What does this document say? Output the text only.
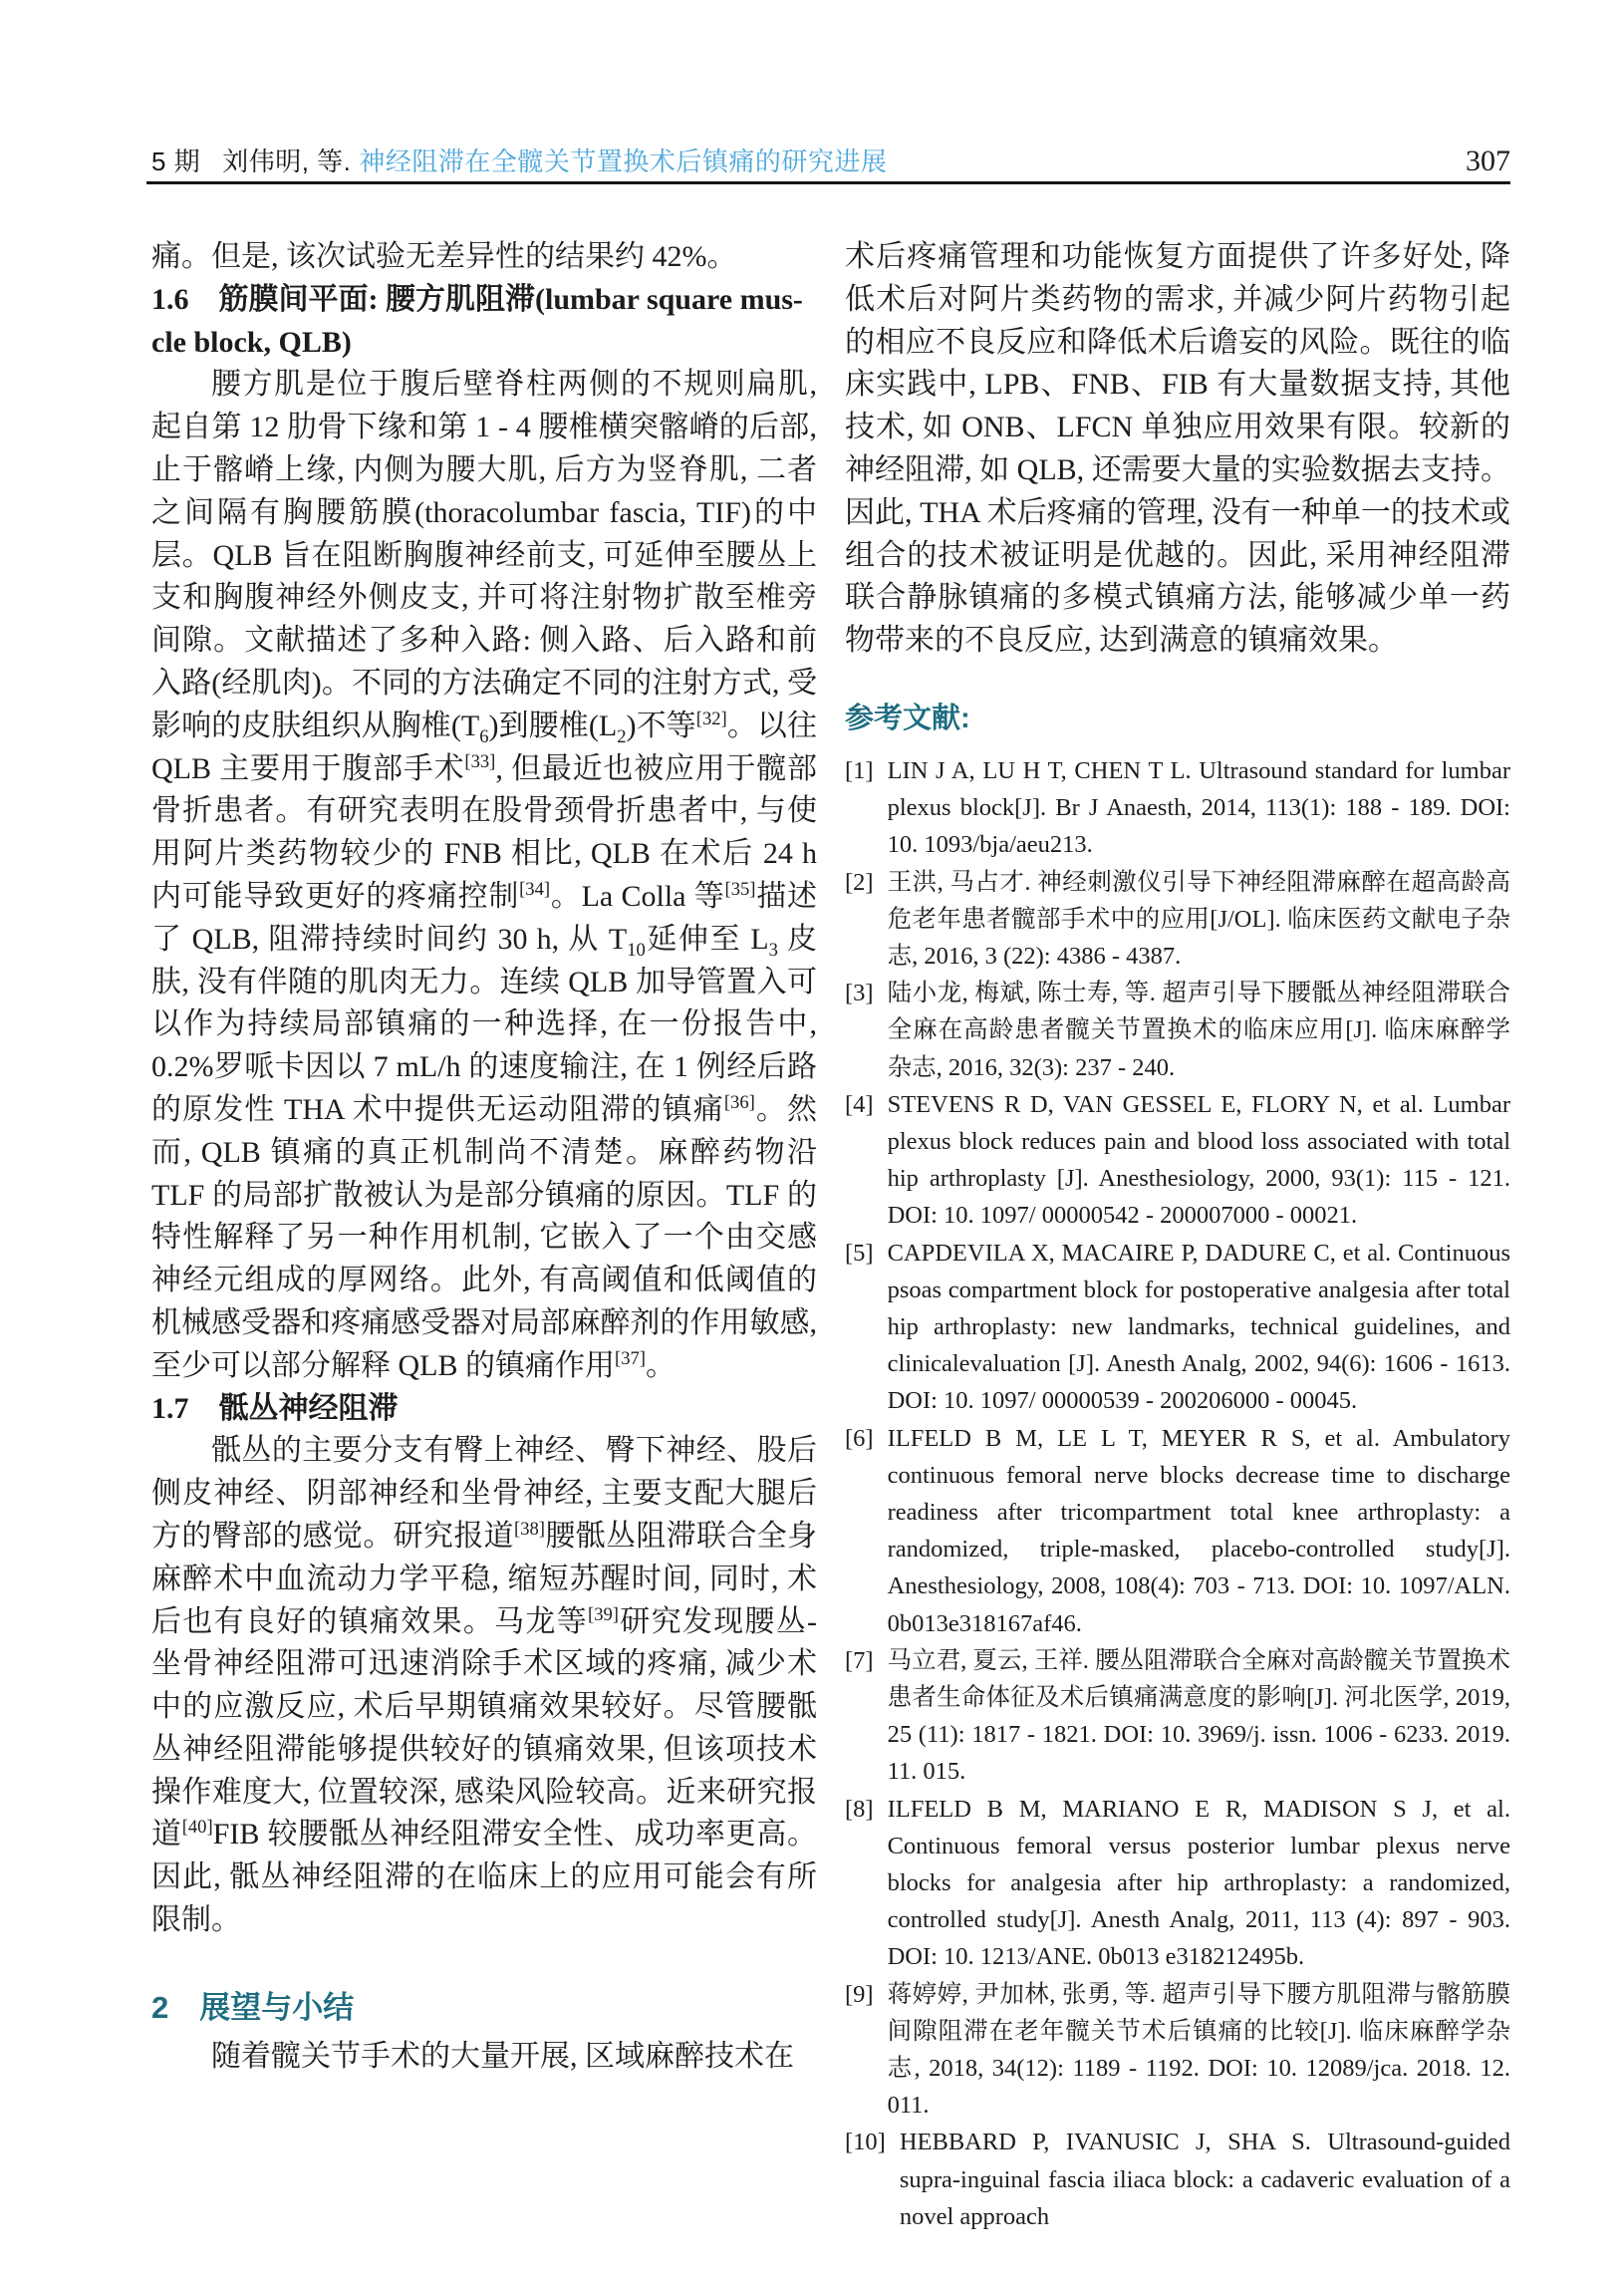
5 期 刘伟明, 等. 神经阻滞在全髋关节置换术后镇痛的研究进展	307

痛。但是, 该次试验无差异性的结果约 42%。

1.6　筋膜间平面: 腰方肌阻滞(lumbar square mus-
cle block, QLB)

腰方肌是位于腹后壁脊柱两侧的不规则扁肌, 起自第 12 肋骨下缘和第 1 - 4 腰椎横突髂嵴的后部, 止于髂嵴上缘, 内侧为腰大肌, 后方为竖脊肌, 二者之间隔有胸腰筋膜(thoracolumbar fascia, TIF)的中层。QLB 旨在阻断胸腹神经前支, 可延伸至腰丛上支和胸腹神经外侧皮支, 并可将注射物扩散至椎旁间隙。文献描述了多种入路: 侧入路、后入路和前入路(经肌肉)。不同的方法确定不同的注射方式, 受影响的皮肤组织从胸椎$(T_6)$到腰椎$(L_2)$不等[32]。以往 QLB 主要用于腹部手术[33], 但最近也被应用于髋部骨折患者。有研究表明在股骨颈骨折患者中, 与使用阿片类药物较少的 FNB 相比, QLB 在术后 24 h 内可能导致更好的疼痛控制[34]。La Colla 等[35]描述了 QLB, 阻滞持续时间约 30 h, 从 $T_{10}$延伸至 $L_3$ 皮肤, 没有伴随的肌肉无力。连续 QLB 加导管置入可以作为持续局部镇痛的一种选择, 在一份报告中, 0.2%罗哌卡因以 7 mL/h 的速度输注, 在 1 例经后路的原发性 THA 术中提供无运动阻滞的镇痛[36]。然而, QLB 镇痛的真正机制尚不清楚。麻醉药物沿 TLF 的局部扩散被认为是部分镇痛的原因。TLF 的特性解释了另一种作用机制, 它嵌入了一个由交感神经元组成的厚网络。此外, 有高阈值和低阈值的机械感受器和疼痛感受器对局部麻醉剂的作用敏感, 至少可以部分解释 QLB 的镇痛作用[37]。

1.7　骶丛神经阻滞

骶丛的主要分支有臀上神经、臀下神经、股后侧皮神经、阴部神经和坐骨神经, 主要支配大腿后方的臀部的感觉。研究报道[38]腰骶丛阻滞联合全身麻醉术中血流动力学平稳, 缩短苏醒时间, 同时, 术后也有良好的镇痛效果。马龙等[39]研究发现腰丛-坐骨神经阻滞可迅速消除手术区域的疼痛, 减少术中的应激反应, 术后早期镇痛效果较好。尽管腰骶丛神经阻滞能够提供较好的镇痛效果, 但该项技术操作难度大, 位置较深, 感染风险较高。近来研究报道[40]FIB 较腰骶丛神经阻滞安全性、成功率更高。因此, 骶丛神经阻滞的在临床上的应用可能会有所限制。

2　展望与小结

随着髋关节手术的大量开展, 区域麻醉技术在

术后疼痛管理和功能恢复方面提供了许多好处, 降低术后对阿片类药物的需求, 并减少阿片药物引起的相应不良反应和降低术后谵妄的风险。既往的临床实践中, LPB、FNB、FIB 有大量数据支持, 其他技术, 如 ONB、LFCN 单独应用效果有限。较新的神经阻滞, 如 QLB, 还需要大量的实验数据去支持。因此, THA 术后疼痛的管理, 没有一种单一的技术或组合的技术被证明是优越的。因此, 采用神经阻滞联合静脉镇痛的多模式镇痛方法, 能够减少单一药物带来的不良反应, 达到满意的镇痛效果。

参考文献:
[1] LIN J A, LU H T, CHEN T L. Ultrasound standard for lumbar plexus block[J]. Br J Anaesth, 2014, 113(1): 188 - 189. DOI: 10. 1093/bja/aeu213.
[2] 王洪, 马占才. 神经刺激仪引导下神经阻滞麻醉在超高龄高危老年患者髋部手术中的应用[J/OL]. 临床医药文献电子杂志, 2016, 3 (22): 4386 - 4387.
[3] 陆小龙, 梅斌, 陈士寿, 等. 超声引导下腰骶丛神经阻滞联合全麻在高龄患者髋关节置换术的临床应用[J]. 临床麻醉学杂志, 2016, 32(3): 237 - 240.
[4] STEVENS R D, VAN GESSEL E, FLORY N, et al. Lumbar plexus block reduces pain and blood loss associated with total hip arthroplasty [J]. Anesthesiology, 2000, 93(1): 115 - 121. DOI: 10. 1097/ 00000542 - 200007000 - 00021.
[5] CAPDEVILA X, MACAIRE P, DADURE C, et al. Continuous psoas compartment block for postoperative analgesia after total hip arthroplasty: new landmarks, technical guidelines, and clinicalevaluation [J]. Anesth Analg, 2002, 94(6): 1606 - 1613. DOI: 10. 1097/ 00000539 - 200206000 - 00045.
[6] ILFELD B M, LE L T, MEYER R S, et al. Ambulatory continuous femoral nerve blocks decrease time to discharge readiness after tricompartment total knee arthroplasty: a randomized, triple-masked, placebo-controlled study[J]. Anesthesiology, 2008, 108(4): 703 - 713. DOI: 10. 1097/ALN. 0b013e318167af46.
[7] 马立君, 夏云, 王祥. 腰丛阻滞联合全麻对高龄髋关节置换术患者生命体征及术后镇痛满意度的影响[J]. 河北医学, 2019, 25 (11): 1817 - 1821. DOI: 10. 3969/j. issn. 1006 - 6233. 2019. 11. 015.
[8] ILFELD B M, MARIANO E R, MADISON S J, et al. Continuous femoral versus posterior lumbar plexus nerve blocks for analgesia after hip arthroplasty: a randomized, controlled study[J]. Anesth Analg, 2011, 113 (4): 897 - 903. DOI: 10. 1213/ANE. 0b013 e318212495b.
[9] 蒋婷婷, 尹加林, 张勇, 等. 超声引导下腰方肌阻滞与髂筋膜间隙阻滞在老年髋关节术后镇痛的比较[J]. 临床麻醉学杂志, 2018, 34(12): 1189 - 1192. DOI: 10. 12089/jca. 2018. 12. 011.
[10] HEBBARD P, IVANUSIC J, SHA S. Ultrasound-guided supra-inguinal fascia iliaca block: a cadaveric evaluation of a novel approach
